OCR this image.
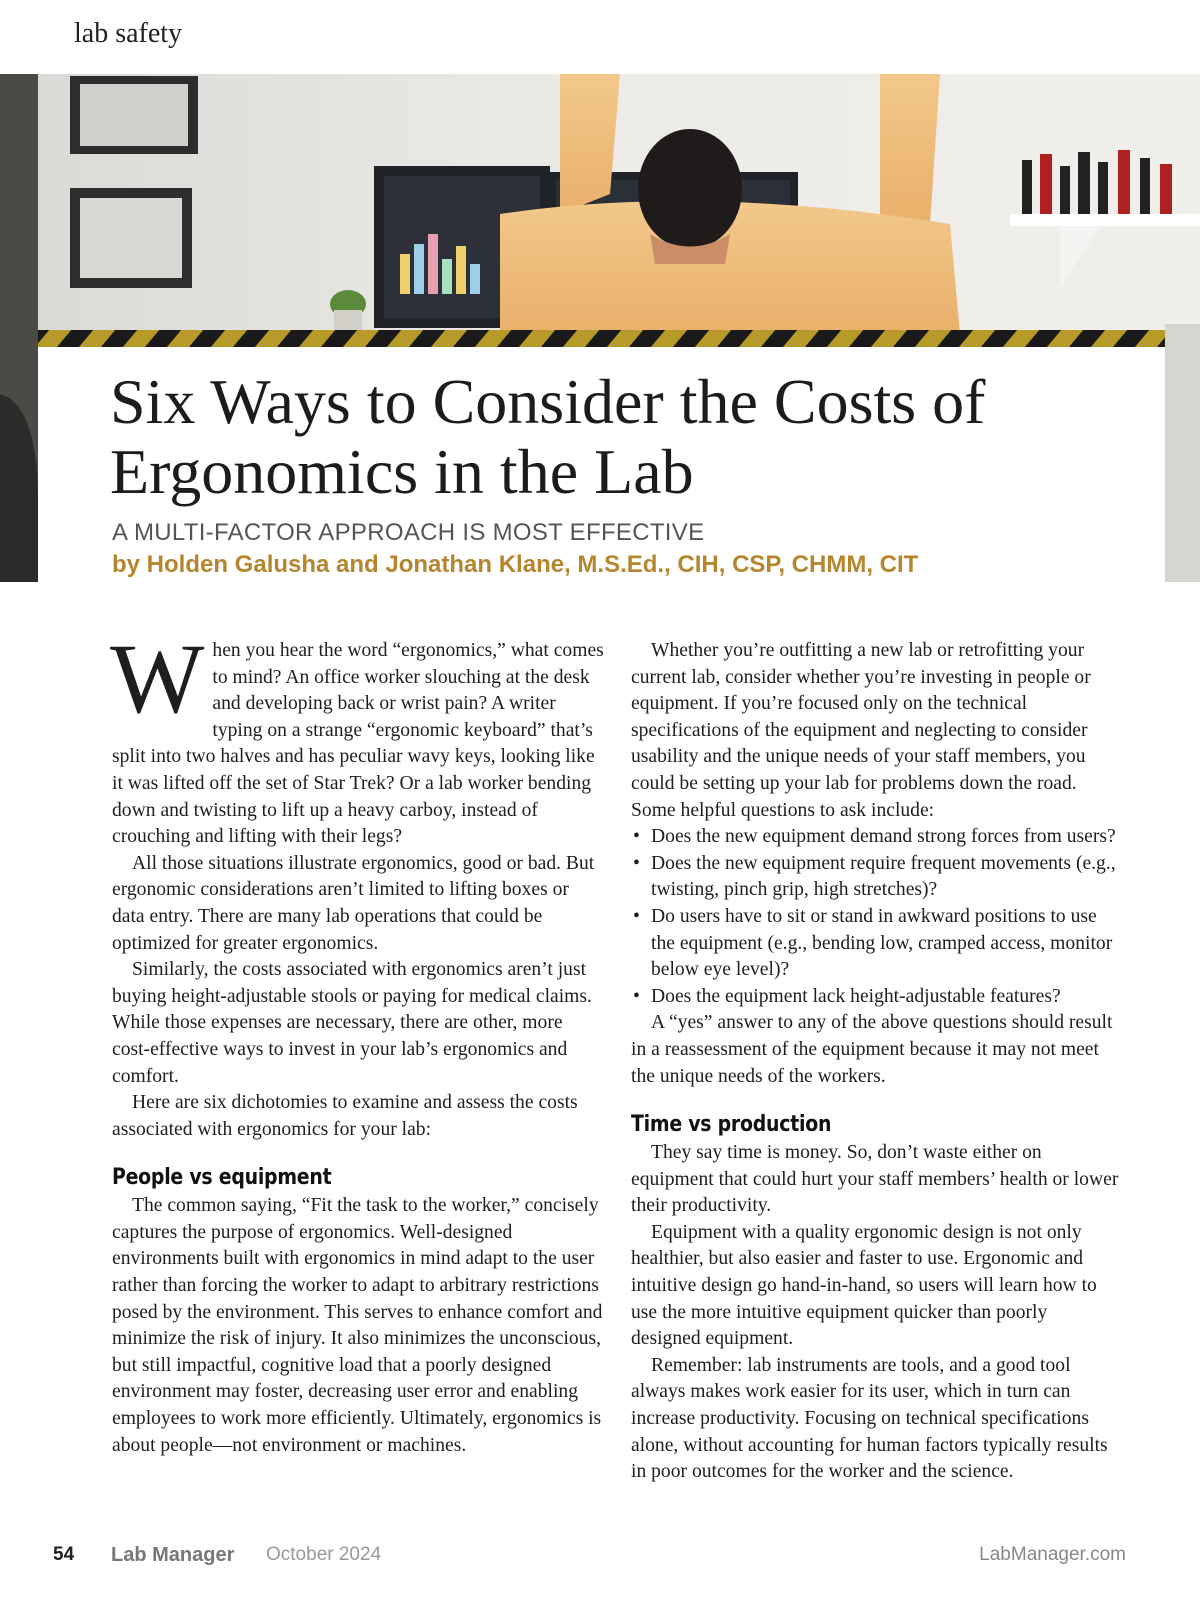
lab safety
Six Ways to Consider the Costs of Ergonomics in the Lab
A MULTI-FACTOR APPROACH IS MOST EFFECTIVE
by Holden Galusha and Jonathan Klane, M.S.Ed., CIH, CSP, CHMM, CIT

When you hear the word “ergonomics,” what comes to mind? An office worker slouching at the desk and developing back or wrist pain? A writer typing on a strange “ergonomic keyboard” that’s split into two halves and has peculiar wavy keys, looking like it was lifted off the set of Star Trek? Or a lab worker bending down and twisting to lift up a heavy carboy, instead of crouching and lifting with their legs?

All those situations illustrate ergonomics, good or bad. But ergonomic considerations aren’t limited to lifting boxes or data entry. There are many lab operations that could be optimized for greater ergonomics.

Similarly, the costs associated with ergonomics aren’t just buying height-adjustable stools or paying for medical claims. While those expenses are necessary, there are other, more cost-effective ways to invest in your lab’s ergonomics and comfort.

Here are six dichotomies to examine and assess the costs associated with ergonomics for your lab:

People vs equipment

The common saying, “Fit the task to the worker,” concisely captures the purpose of ergonomics. Well-designed environments built with ergonomics in mind adapt to the user rather than forcing the worker to adapt to arbitrary restrictions posed by the environment. This serves to enhance comfort and minimize the risk of injury. It also minimizes the unconscious, but still impactful, cognitive load that a poorly designed environment may foster, decreasing user error and enabling employees to work more efficiently. Ultimately, ergonomics is about people—not environment or machines.

Whether you’re outfitting a new lab or retrofitting your current lab, consider whether you’re investing in people or equipment. If you’re focused only on the technical specifications of the equipment and neglecting to consider usability and the unique needs of your staff members, you could be setting up your lab for problems down the road. Some helpful questions to ask include:

• Does the new equipment demand strong forces from users?
• Does the new equipment require frequent movements (e.g., twisting, pinch grip, high stretches)?
• Do users have to sit or stand in awkward positions to use the equipment (e.g., bending low, cramped access, monitor below eye level)?
• Does the equipment lack height-adjustable features?

A “yes” answer to any of the above questions should result in a reassessment of the equipment because it may not meet the unique needs of the workers.

Time vs production

They say time is money. So, don’t waste either on equipment that could hurt your staff members’ health or lower their productivity.

Equipment with a quality ergonomic design is not only healthier, but also easier and faster to use. Ergonomic and intuitive design go hand-in-hand, so users will learn how to use the more intuitive equipment quicker than poorly designed equipment.

Remember: lab instruments are tools, and a good tool always makes work easier for its user, which in turn can increase productivity. Focusing on technical specifications alone, without accounting for human factors typically results in poor outcomes for the worker and the science.

54 Lab Manager October 2024	LabManager.com
